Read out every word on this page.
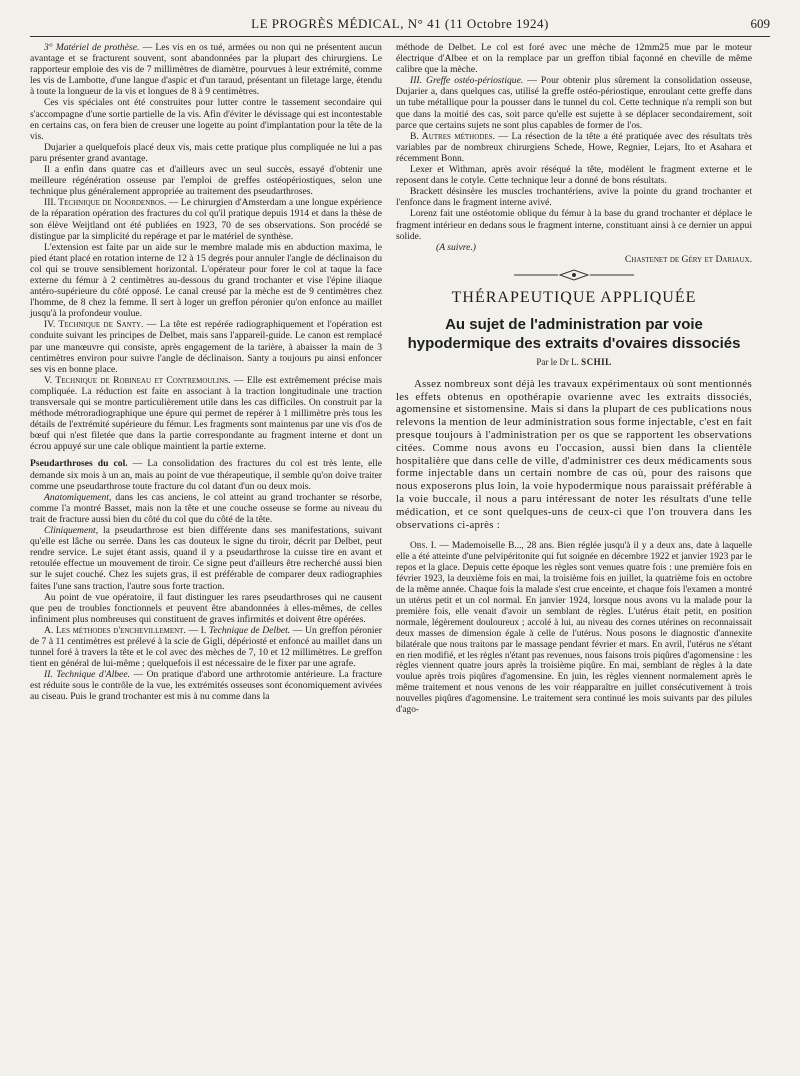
LE PROGRÈS MÉDICAL, N° 41 (11 Octobre 1924)	609

3° Matériel de prothèse. — Les vis en os tué, armées ou non qui ne présentent aucun avantage et se fracturent souvent, sont abandonnées par la plupart des chirurgiens. Le rapporteur emploie des vis de 7 millimètres de diamètre, pourvues à leur extrémité, comme les vis de Lambotte, d'une langue d'aspic et d'un taraud, présentant un filetage large, étendu à toute la longueur de la vis et longues de 8 à 9 centimètres.

Ces vis spéciales ont été construites pour lutter contre le tassement secondaire qui s'accompagne d'une sortie partielle de la vis. Afin d'éviter le dévissage qui est incontestable en certains cas, on fera bien de creuser une logette au point d'implantation pour la tête de la vis.

Dujarier a quelquefois placé deux vis, mais cette pratique plus compliquée ne lui a pas paru présenter grand avantage.

Il a enfin dans quatre cas et d'ailleurs avec un seul succès, essayé d'obtenir une meilleure régénération osseuse par l'emploi de greffes ostéopériostiques, selon une technique plus généralement appropriée au traitement des pseudarthroses.

III. Technique de Noordenbos. — Le chirurgien d'Amsterdam a une longue expérience de la réparation opération des fractures du col qu'il pratique depuis 1914 et dans la thèse de son élève Weijtland ont été publiées en 1923, 70 de ses observations. Son procédé se distingue par la simplicité du repérage et par le matériel de synthèse.

L'extension est faite par un aide sur le membre malade mis en abduction maxima, le pied étant placé en rotation interne de 12 à 15 degrés pour annuler l'angle de déclinaison du col qui se trouve sensiblement horizontal. L'opérateur pour forer le col at taque la face externe du fémur à 2 centimètres au-dessous du grand trochanter et vise l'épine iliaque antéro-supérieure du côté opposé. Le canal creusé par la mèche est de 9 centimètres chez l'homme, de 8 chez la femme. Il sert à loger un greffon péronier qu'on enfonce au maillet jusqu'à la profondeur voulue.

IV. Technique de Santy. — La tête est repérée radiographiquement et l'opération est conduite suivant les principes de Delbet, mais sans l'appareil-guide. Le canon est remplacé par une manœuvre qui consiste, après engagement de la tarière, à abaisser la main de 3 centimètres environ pour suivre l'angle de déclinaison. Santy a toujours pu ainsi enfoncer ses vis en bonne place.

V. Technique de Robineau et Contremoulins. — Elle est extrêmement précise mais compliquée. La réduction est faite en associant à la traction longitudinale une traction transversale qui se montre particulièrement utile dans les cas difficiles. On construit par la méthode métroradiographique une épure qui permet de repérer à 1 millimètre près tous les détails de l'extrémité supérieure du fémur. Les fragments sont maintenus par une vis d'os de bœuf qui n'est filetée que dans la partie correspondante au fragment interne et dont un écrou appuyé sur une cale oblique maintient la partie externe.

Pseudarthroses du col. — La consolidation des fractures du col est très lente, elle demande six mois à un an, mais au point de vue thérapeutique, il semble qu'on doive traiter comme une pseudarthrose toute fracture du col datant d'un ou deux mois.

Anatomiquement, dans les cas anciens, le col atteint au grand trochanter se résorbe, comme l'a montré Basset, mais non la tête et une couche osseuse se forme au niveau du trait de fracture aussi bien du côté du col que du côté de la tête.

Cliniquement, la pseudarthrose est bien différente dans ses manifestations, suivant qu'elle est lâche ou serrée. Dans les cas douteux le signe du tiroir, décrit par Delbet, peut rendre service. Le sujet étant assis, quand il y a pseudarthrose la cuisse tire en avant et retoulée effectue un mouvement de tiroir. Ce signe peut d'ailleurs être recherché aussi bien sur le sujet couché. Chez les sujets gras, il est préférable de comparer deux radiographies faites l'une sans traction, l'autre sous forte traction.

Au point de vue opératoire, il faut distinguer les rares pseudarthroses qui ne causent que peu de troubles fonctionnels et peuvent être abandonnées à elles-mêmes, de celles infiniment plus nombreuses qui constituent de graves infirmités et doivent être opérées.

A. Les méthodes d'enchevillement. — I. Technique de Delbet. — Un greffon péronier de 7 à 11 centimètres est prélevé à la scie de Gigli, dépériosté et enfoncé au maillet dans un tunnel foré à travers la tête et le col avec des mèches de 7, 10 et 12 millimètres. Le greffon tient en général de lui-même ; quelquefois il est nécessaire de le fixer par une agrafe.

II. Technique d'Albee. — On pratique d'abord une arthrotomie antérieure. La fracture est réduite sous le contrôle de la vue, les extrémités osseuses sont économiquement avivées au ciseau. Puis le grand trochanter est mis à nu comme dans la

méthode de Delbet. Le col est foré avec une mèche de 12mm25 mue par le moteur électrique d'Albee et on la remplace par un greffon tibial façonné en cheville de même calibre que la mèche.

III. Greffe ostéo-périostique. — Pour obtenir plus sûrement la consolidation osseuse, Dujarier a, dans quelques cas, utilisé la greffe ostéo-périostique, enroulant cette greffe dans un tube métallique pour la pousser dans le tunnel du col. Cette technique n'a rempli son but que dans la moitié des cas, soit parce qu'elle est sujette à se déplacer secondairement, soit parce que certains sujets ne sont plus capables de former de l'os.

B. Autres méthodes. — La résection de la tête a été pratiquée avec des résultats très variables par de nombreux chirurgiens Schede, Howe, Regnier, Lejars, Ito et Asahara et récemment Bonn.

Lexer et Withman, après avoir réséqué la tête, modèlent le fragment externe et le reposent dans le cotyle. Cette technique leur a donné de bons résultats.

Brackett désinsère les muscles trochantériens, avive la pointe du grand trochanter et l'enfonce dans le fragment interne avivé.

Lorenz fait une ostéotomie oblique du fémur à la base du grand trochanter et déplace le fragment intérieur en dedans sous le fragment interne, constituant ainsi à ce dernier un appui solide.

(A suivre.)
Chastenet de Géry et Dariaux.
THÉRAPEUTIQUE APPLIQUÉE
Au sujet de l'administration par voie hypodermique des extraits d'ovaires dissociés
Par le Dr L. SCHIL

Assez nombreux sont déjà les travaux expérimentaux où sont mentionnés les effets obtenus en opothérapie ovarienne avec les extraits dissociés, agomensine et sistomensine. Mais si dans la plupart de ces publications nous relevons la mention de leur administration sous forme injectable, c'est en fait presque toujours à l'administration per os que se rapportent les observations citées. Comme nous avons eu l'occasion, aussi bien dans la clientèle hospitalière que dans celle de ville, d'administrer ces deux médicaments sous forme injectable dans un certain nombre de cas où, pour des raisons que nous exposerons plus loin, la voie hypodermique nous paraissait préférable à la voie buccale, il nous a paru intéressant de noter les résultats d'une telle médication, et ce sont quelques-uns de ceux-ci que l'on trouvera dans les observations ci-après :

Obs. I. — Mademoiselle B..., 28 ans. Bien réglée jusqu'à il y a deux ans, date à laquelle elle a été atteinte d'une pelvipéritonite qui fut soignée en décembre 1922 et janvier 1923 par le repos et la glace. Depuis cette époque les règles sont venues quatre fois : une première fois en février 1923, la deuxième fois en mai, la troisième fois en juillet, la quatrième fois en octobre de la même année. Chaque fois la malade s'est crue enceinte, et chaque fois l'examen a montré un utérus petit et un col normal. En janvier 1924, lorsque nous avons vu la malade pour la première fois, elle venait d'avoir un semblant de règles. L'utérus était petit, en position normale, légèrement douloureux ; accolé à lui, au niveau des cornes utérines on reconnaissait deux masses de dimension égale à celle de l'utérus. Nous posons le diagnostic d'annexite bilatérale que nous traitons par le massage pendant février et mars. En avril, l'utérus ne s'étant en rien modifié, et les règles n'étant pas revenues, nous faisons trois piqûres d'agomensine : les règles viennent quatre jours après la troisième piqûre. En mai, semblant de règles à la date voulue après trois piqûres d'agomensine. En juin, les règles viennent normalement après le même traitement et nous venons de les voir réapparaître en juillet consécutivement à trois nouvelles piqûres d'agomensine. Le traitement sera continué les mois suivants par des pilules d'ago-
